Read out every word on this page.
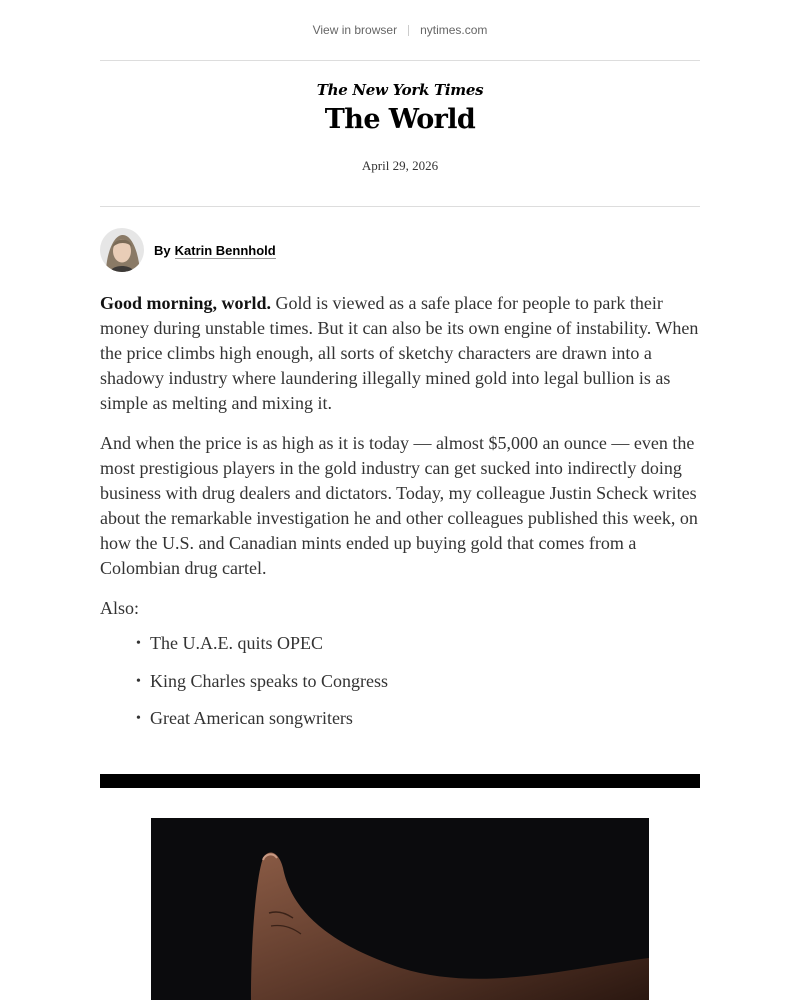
View in browser nytimes.com
The New York Times
The World
April 29, 2026
By Katrin Bennhold

Good morning, world. Gold is viewed as a safe place for people to park their money during unstable times. But it can also be its own engine of instability. When the price climbs high enough, all sorts of sketchy characters are drawn into a shadowy industry where laundering illegally mined gold into legal bullion is as simple as melting and mixing it.

And when the price is as high as it is today — almost $5,000 an ounce — even the most prestigious players in the gold industry can get sucked into indirectly doing business with drug dealers and dictators. Today, my colleague Justin Scheck writes about the remarkable investigation he and other colleagues published this week, on how the U.S. and Canadian mints ended up buying gold that comes from a Colombian drug cartel.

Also:

• The U.A.E. quits OPEC
• King Charles speaks to Congress
• Great American songwriters
